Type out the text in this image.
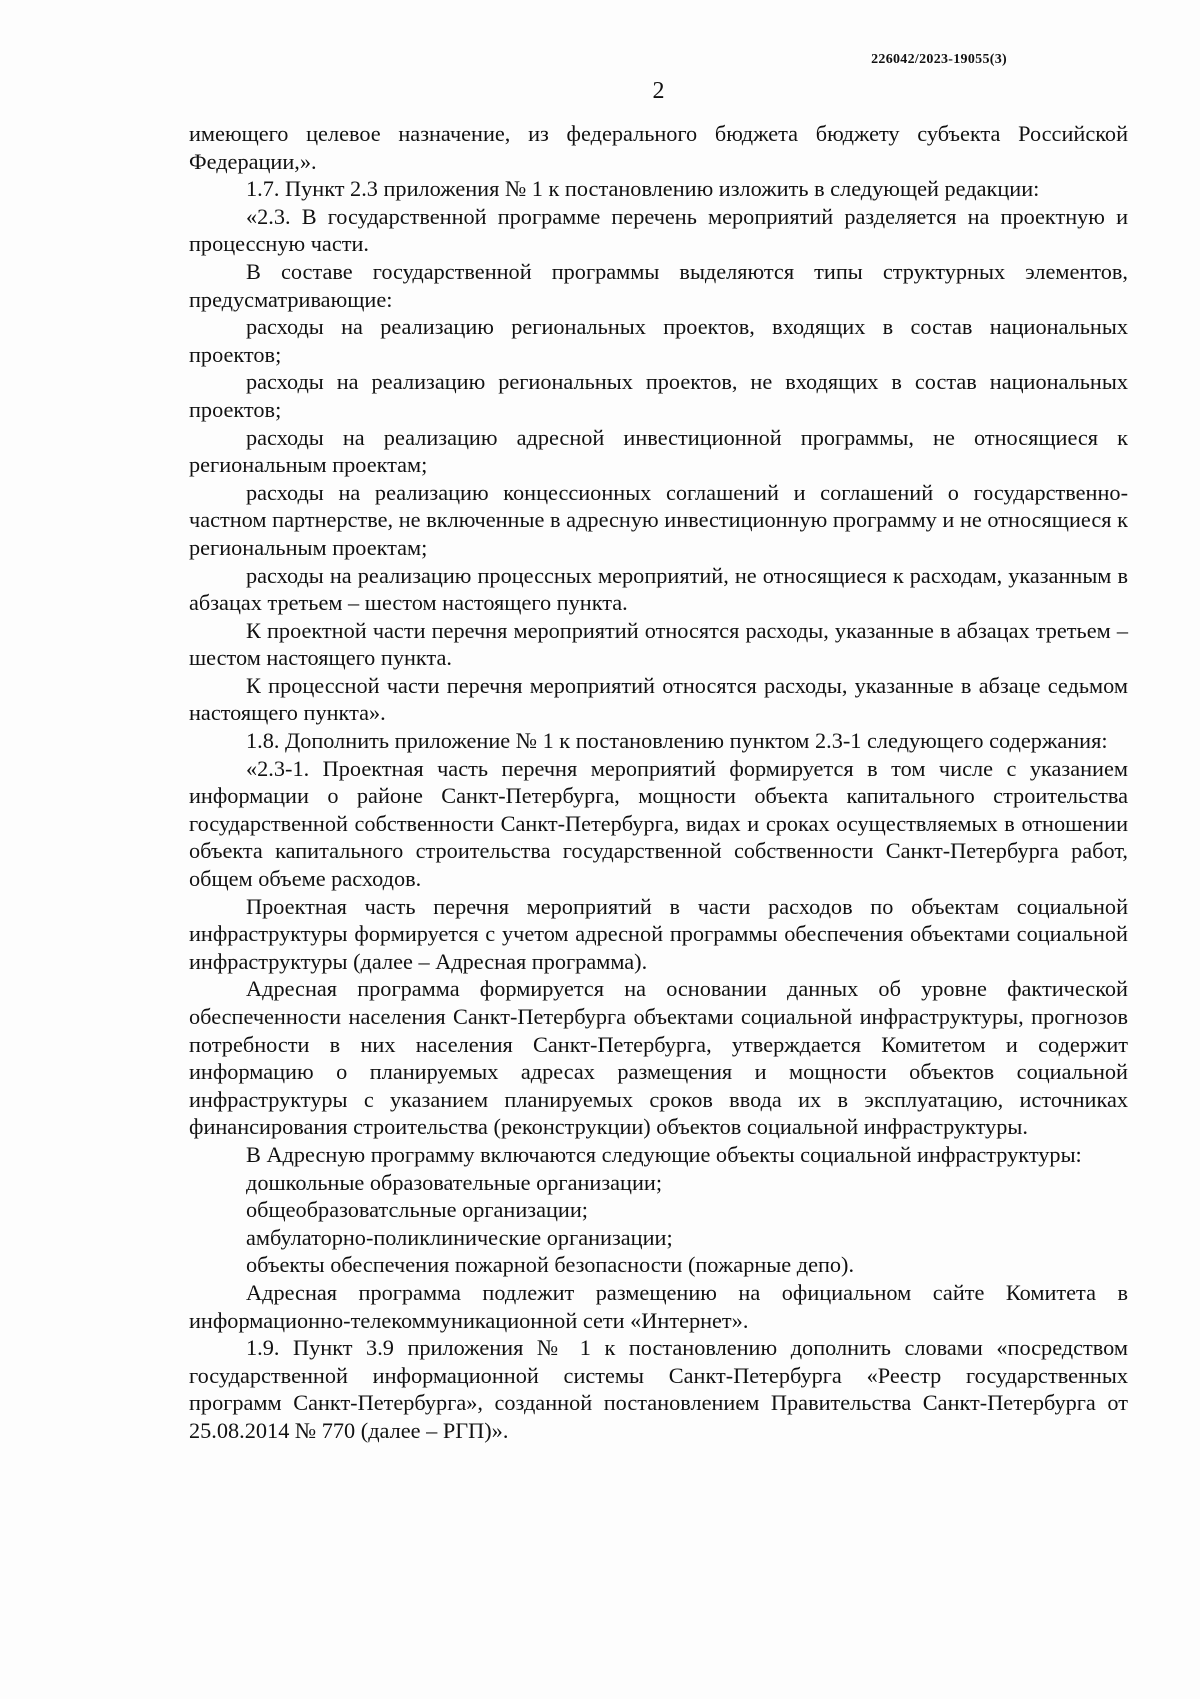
226042/2023-19055(3)
2

имеющего целевое назначение, из федерального бюджета бюджету субъекта Российской Федерации,».

1.7. Пункт 2.3 приложения № 1 к постановлению изложить в следующей редакции:

«2.3. В государственной программе перечень мероприятий разделяется на проектную и процессную части.

В составе государственной программы выделяются типы структурных элементов, предусматривающие:

расходы на реализацию региональных проектов, входящих в состав национальных проектов;

расходы на реализацию региональных проектов, не входящих в состав национальных проектов;

расходы на реализацию адресной инвестиционной программы, не относящиеся к региональным проектам;

расходы на реализацию концессионных соглашений и соглашений о государственно-частном партнерстве, не включенные в адресную инвестиционную программу и не относящиеся к региональным проектам;

расходы на реализацию процессных мероприятий, не относящиеся к расходам, указанным в абзацах третьем – шестом настоящего пункта.

К проектной части перечня мероприятий относятся расходы, указанные в абзацах третьем – шестом настоящего пункта.

К процессной части перечня мероприятий относятся расходы, указанные в абзаце седьмом настоящего пункта».

1.8. Дополнить приложение № 1 к постановлению пунктом 2.3-1 следующего содержания:

«2.3-1. Проектная часть перечня мероприятий формируется в том числе с указанием информации о районе Санкт-Петербурга, мощности объекта капитального строительства государственной собственности Санкт-Петербурга, видах и сроках осуществляемых в отношении объекта капитального строительства государственной собственности Санкт-Петербурга работ, общем объеме расходов.

Проектная часть перечня мероприятий в части расходов по объектам социальной инфраструктуры формируется с учетом адресной программы обеспечения объектами социальной инфраструктуры (далее – Адресная программа).

Адресная программа формируется на основании данных об уровне фактической обеспеченности населения Санкт-Петербурга объектами социальной инфраструктуры, прогнозов потребности в них населения Санкт-Петербурга, утверждается Комитетом и содержит информацию о планируемых адресах размещения и мощности объектов социальной инфраструктуры с указанием планируемых сроков ввода их в эксплуатацию, источниках финансирования строительства (реконструкции) объектов социальной инфраструктуры.

В Адресную программу включаются следующие объекты социальной инфраструктуры:

дошкольные образовательные организации;

общеобразоватсльные организации;

амбулаторно-поликлинические организации;

объекты обеспечения пожарной безопасности (пожарные депо).

Адресная программа подлежит размещению на официальном сайте Комитета в информационно-телекоммуникационной сети «Интернет».

1.9. Пункт 3.9 приложения № 1 к постановлению дополнить словами «посредством государственной информационной системы Санкт-Петербурга «Реестр государственных программ Санкт-Петербурга», созданной постановлением Правительства Санкт-Петербурга от 25.08.2014 № 770 (далее – РГП)».
